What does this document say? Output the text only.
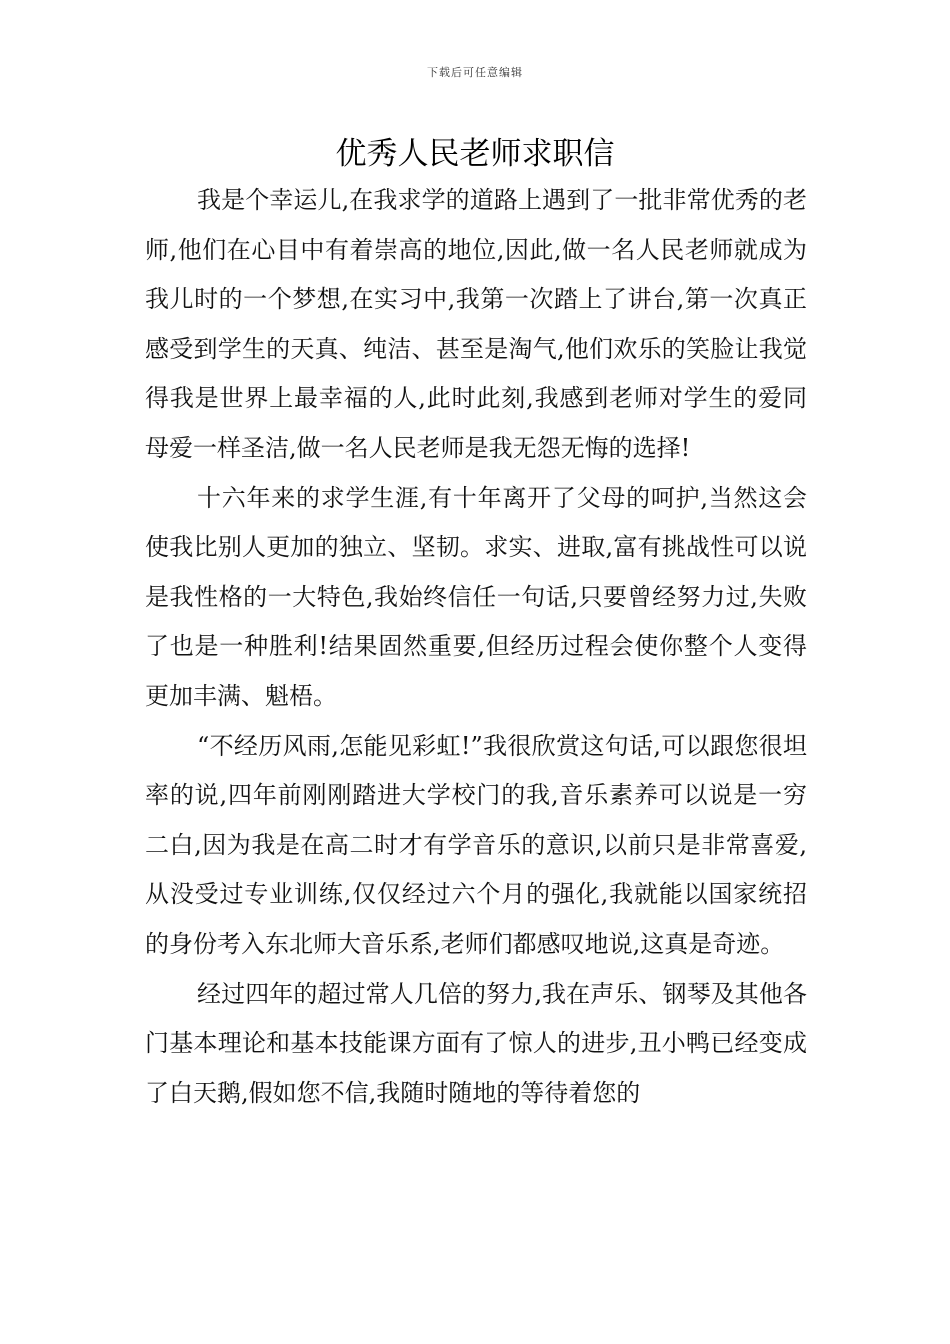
下载后可任意编辑
优秀人民老师求职信

我是个幸运儿,在我求学的道路上遇到了一批非常优秀的老师,他们在心目中有着崇高的地位,因此,做一名人民老师就成为我儿时的一个梦想,在实习中,我第一次踏上了讲台,第一次真正感受到学生的天真、纯洁、甚至是淘气,他们欢乐的笑脸让我觉得我是世界上最幸福的人,此时此刻,我感到老师对学生的爱同母爱一样圣洁,做一名人民老师是我无怨无悔的选择!

十六年来的求学生涯,有十年离开了父母的呵护,当然这会使我比别人更加的独立、坚韧。求实、进取,富有挑战性可以说是我性格的一大特色,我始终信任一句话,只要曾经努力过,失败了也是一种胜利!结果固然重要,但经历过程会使你整个人变得更加丰满、魁梧。

“不经历风雨,怎能见彩虹!”我很欣赏这句话,可以跟您很坦率的说,四年前刚刚踏进大学校门的我,音乐素养可以说是一穷二白,因为我是在高二时才有学音乐的意识,以前只是非常喜爱,从没受过专业训练,仅仅经过六个月的强化,我就能以国家统招的身份考入东北师大音乐系,老师们都感叹地说,这真是奇迹。

经过四年的超过常人几倍的努力,我在声乐、钢琴及其他各门基本理论和基本技能课方面有了惊人的进步,丑小鸭已经变成了白天鹅,假如您不信,我随时随地的等待着您的
